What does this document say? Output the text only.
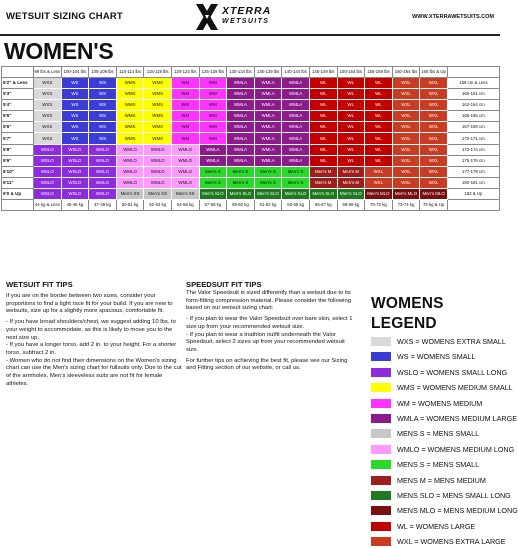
WETSUIT SIZING CHART	XTERRA
WETSUITS
WWW.XTERRAWETSUITS.COM
WOMEN'S
	99 lbs & Less	100-104 lbs	105-109 lbs	110-114 lbs	115-119 lbs	120-124 lbs	125-129 lbs	130-134 lbs	135-139 lbs	140-144 lbs	145-149 lbs	150-154 lbs	155-159 lbs	160-164 lbs	165 lbs & Up	
5'2" & Less	WXS	WS	WS	WMS	WMS	WM	WM	WMLA	WMLA	WMLA	WL	WL	WL	WXL	WXL	159 cm & Less
5'3"	WXS	WS	WS	WMS	WMS	WM	WM	WMLA	WMLA	WMLA	WL	WL	WL	WXL	WXL	160-161 cm
5'4"	WXS	WS	WS	WMS	WMS	WM	WM	WMLA	WMLA	WMLA	WL	WL	WL	WXL	WXL	162-164 cm
5'5"	WXS	WS	WS	WMS	WMS	WM	WM	WMLA	WMLA	WMLA	WL	WL	WL	WXL	WXL	165-166 cm
5'6"	WXS	WS	WS	WMS	WMS	WM	WM	WMLA	WMLA	WMLA	WL	WL	WL	WXL	WXL	167-169 cm
5'7"	WXS	WS	WS	WMS	WMS	WM	WM	WMLA	WMLA	WMLA	WL	WL	WL	WXL	WXL	170-171 cm
5'8"	WSLO	WSLO	WSLO	WMLO	WMLO	WMLO	WMLA	WMLA	WMLA	WMLA	WL	WL	WL	WXL	WXL	172-174 cm
5'9"	WSLO	WSLO	WSLO	WMLO	WMLO	WMLO	WMLA	WMLA	WMLA	WMLA	WL	WL	WL	WXL	WXL	175-176 cm
5'10"	WSLO	WSLO	WSLO	WMLO	WMLO	WMLO	Men's S	Men's S	Men's S	Men's S	Men's M	Men's M	WXL	WXL	WXL	177-179 cm
5'11"	WSLO	WSLO	WSLO	WMLO	WMLO	WMLO	Men's S	Men's S	Men's S	Men's S	Men's M	Men's M	WXL	WXL	WXL	180-181 cm
6'0 & Up	WSLO	WSLO	WSLO	Men's XS	Men's XS	Men's XS	Men's SLO	Men's SLO	Men's SLO	Men's SLO	Men's SLO	Men's SLO	Men's MLO	Men's MLO	Men's MLO	182 & Up
	44 kg & Less	45-46 kg	47-49 kg	50-51 kg	52-53 kg	54-56 kg	57-58 kg	59-60 kg	61-62 kg	63-65 kg	65-67 kg	68-69 kg	70-72 kg	73-74 kg	75 kg & Up	
WETSUIT FIT TIPS

If you are on the border between two sizes, consider your proportions to find a tight race fit for your build. If you are new to wetsuits, size up for a slightly more spacious, comfortable fit.

- If you have broad shoulders/chest, we suggest adding 10 lbs. to your weight to accommodate, as this is likely to move you to the next size up.

- If you have a longer torso, add 2 in. to your height. For a shorter torso, subtract 2 in.

- Women who do not find their dimensions on the Women's sizing chart can use the Men's sizing chart for fullsuits only. Due to the cut of the armholes, Men's sleeveless suits are not fit for female athletes.

SPEEDSUIT FIT TIPS

The Valor Speedsuit is sized differently than a wetsuit due to its form-fitting compression material. Please consider the following based on our wetsuit sizing chart:

- If you plan to wear the Valor Speedsuit over bare skin, select 1 size up from your recommended wetsuit size.

- If you plan to wear a triathlon outfit underneath the Valor Speedsuit, select 2 sizes up from your recommended wetsuit size.

For further tips on achieving the best fit, please see our Sizing and Fitting section of our website, or call us.

WOMENS LEGEND
WXS = WOMENS EXTRA SMALL
WS = WOMENS SMALL
WSLO = WOMENS SMALL LONG
WMS = WOMENS MEDIUM SMALL
WM = WOMENS MEDIUM
WMLA = WOMENS MEDIUM LARGE
MENS S = MENS SMALL
WMLO = WOMENS MEDIUM LONG
MENS S = MENS SMALL
MENS M = MENS MEDIUM
MENS SLO = MENS SMALL LONG
MENS MLO = MENS MEDIUM LONG
WL = WOMENS LARGE
WXL = WOMENS EXTRA LARGE
